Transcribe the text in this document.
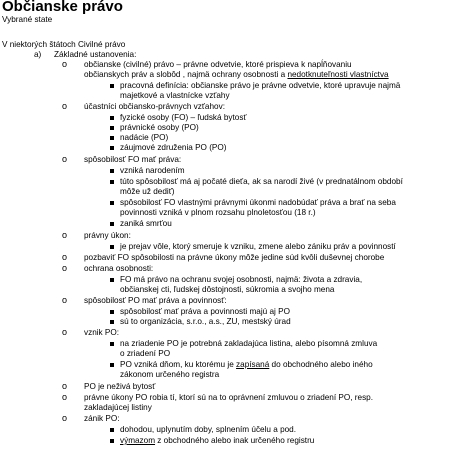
Občianske právo
Vybrané state
V niektorých štátoch Civilné právo
a) Základné ustanovenia:
o občianske (civilné) právo – právne odvetvie, ktoré prispieva k napĺňovaniu
občianskych práv a slobôd , najmä ochrany osobnosti a nedotknuteľnosti vlastníctva
pracovná definícia: občianske právo je právne odvetvie, ktoré upravuje najmä
majetkové a vlastnícke vzťahy
o účastníci občiansko-právnych vzťahov:
fyzické osoby (FO) – ľudská bytosť
právnické osoby (PO)
nadácie (PO)
záujmové združenia PO (PO)
o spôsobilosť FO mať práva:
vzniká narodením
túto spôsobilosť má aj počaté dieťa, ak sa narodí živé (v prednatálnom období
môže už dediť)
spôsobilosť FO vlastnými právnymi úkonmi nadobúdať práva a brať na seba
povinnosti vzniká v plnom rozsahu plnoletosťou (18 r.)
zaniká smrťou
o právny úkon:
je prejav vôle, ktorý smeruje k vzniku, zmene alebo zániku práv a povinností
o pozbaviť FO spôsobilosti na právne úkony môže jedine súd kvôli duševnej chorobe
o ochrana osobnosti:
FO má právo na ochranu svojej osobnosti, najmä: života a zdravia,
občianskej cti, ľudskej dôstojnosti, súkromia a svojho mena
o spôsobilosť PO mať práva a povinnosť:
spôsobilosť mať práva a povinnosti majú aj PO
sú to organizácia, s.r.o., a.s., ZU, mestský úrad
o vznik PO:
na zriadenie PO je potrebná zakladajúca listina, alebo písomná zmluva
o zriadení PO
PO vzniká dňom, ku ktorému je zapísaná do obchodného alebo iného
zákonom určeného registra
o PO je neživá bytosť
o právne úkony PO robia tí, ktorí sú na to oprávnení zmluvou o zriadení PO, resp.
zakladajúcej listiny
o zánik PO:
dohodou, uplynutím doby, splnením účelu a pod.
výmazom z obchodného alebo inak určeného registru
